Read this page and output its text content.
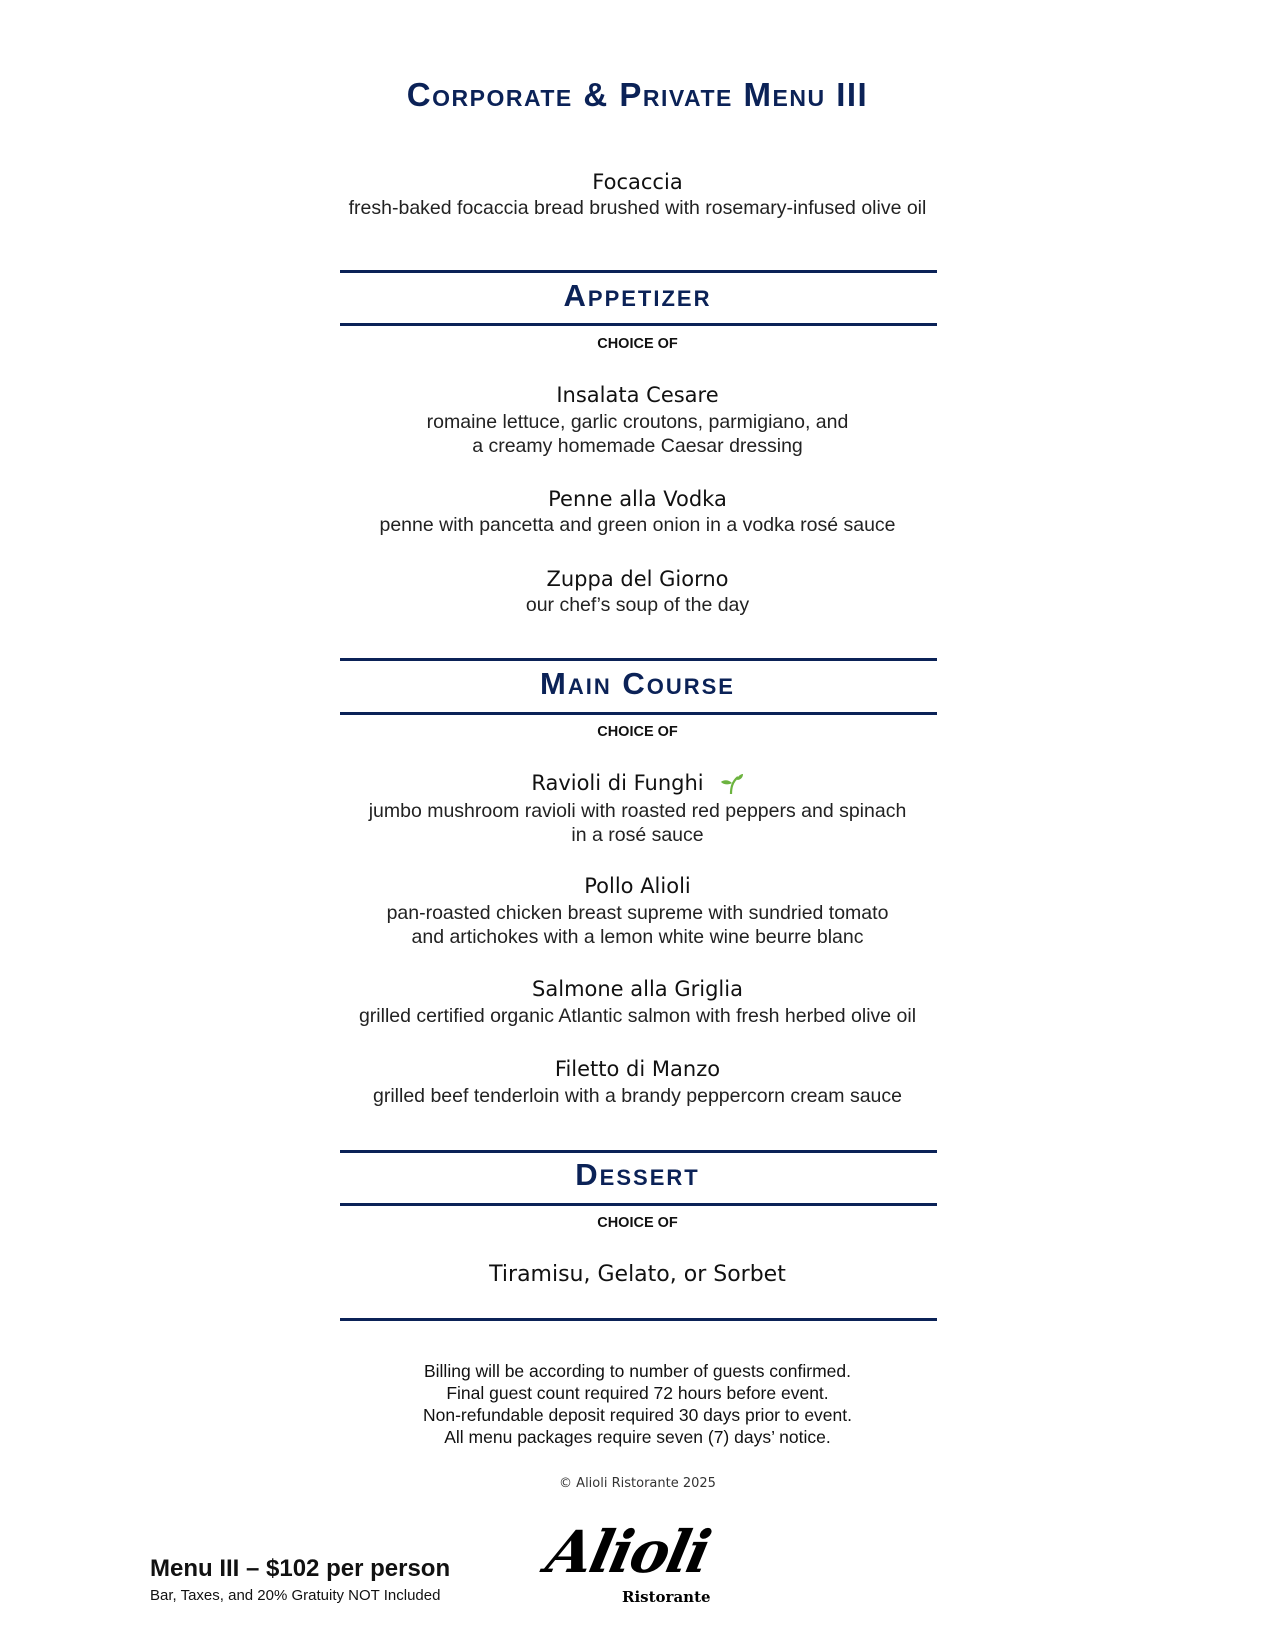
Corporate & Private Menu III
Focaccia
fresh-baked focaccia bread brushed with rosemary-infused olive oil
Appetizer
CHOICE OF
Insalata Cesare
romaine lettuce, garlic croutons, parmigiano, and
a creamy homemade Caesar dressing
Penne alla Vodka
penne with pancetta and green onion in a vodka rosé sauce
Zuppa del Giorno
our chef’s soup of the day
Main Course
CHOICE OF
Ravioli di Funghi
jumbo mushroom ravioli with roasted red peppers and spinach
in a rosé sauce
Pollo Alioli
pan-roasted chicken breast supreme with sundried tomato
and artichokes with a lemon white wine beurre blanc
Salmone alla Griglia
grilled certified organic Atlantic salmon with fresh herbed olive oil
Filetto di Manzo
grilled beef tenderloin with a brandy peppercorn cream sauce
Dessert
CHOICE OF
Tiramisu, Gelato, or Sorbet
Billing will be according to number of guests confirmed.
Final guest count required 72 hours before event.
Non-refundable deposit required 30 days prior to event.
All menu packages require seven (7) days’ notice.
© Alioli Ristorante 2025
Menu III – $102 per person
Bar, Taxes, and 20% Gratuity NOT Included
Alioli
Ristorante
